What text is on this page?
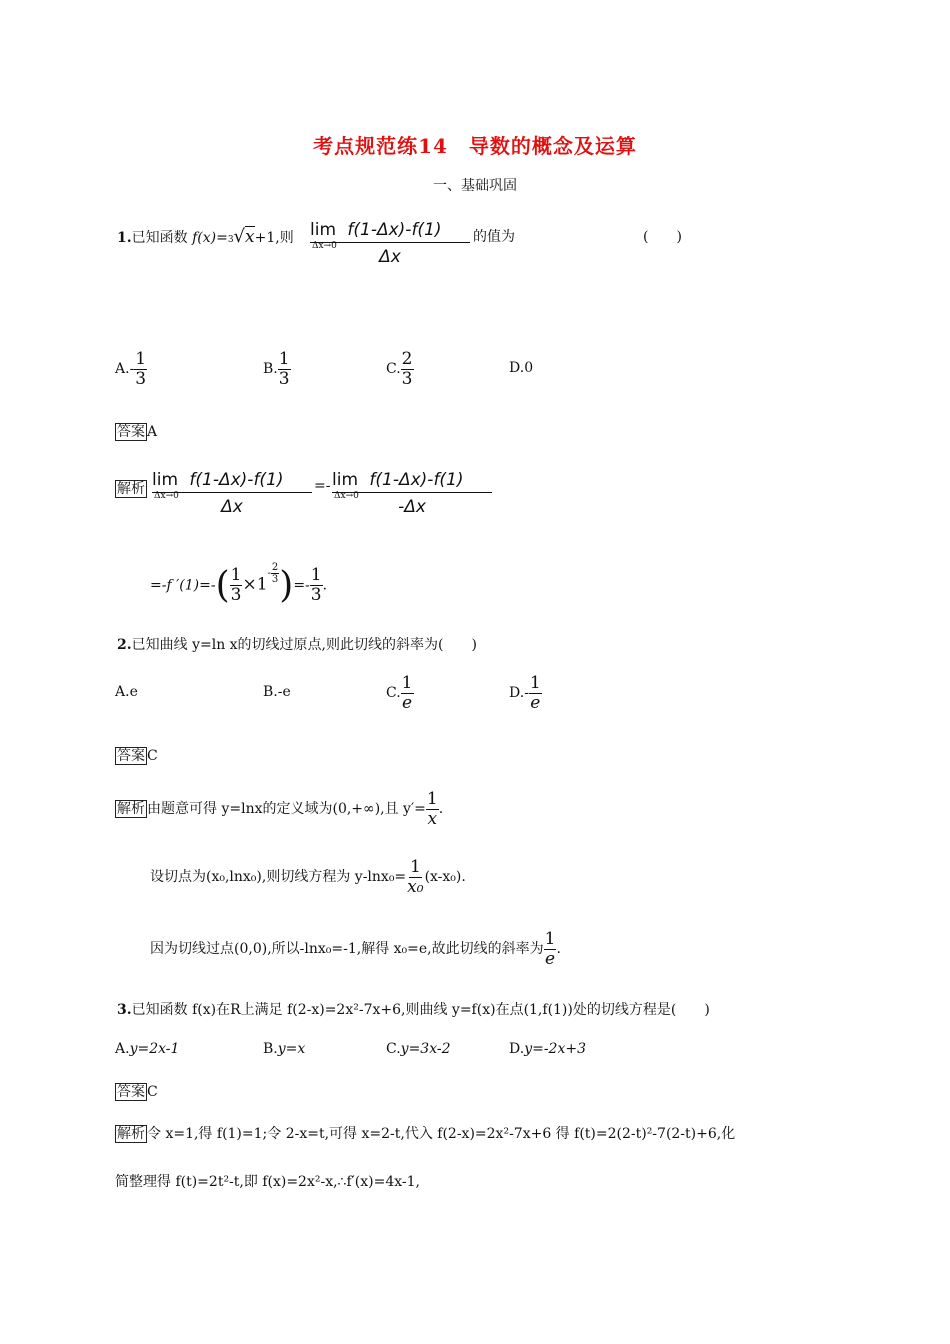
考点规范练14　导数的概念及运算
一、基础巩固
1.已知函数 f(x)=$^3$√x+1,则 lim f(1-Δx)-f(1)
Δx→0
Δx
的值为	(　　)
$A.- \frac{1}{3}$	B. $\frac{1}{3}$	C. $\frac{2}{3}$	D.0
答案 A
解析 lim f(1-Δx)-f(1)
Δx→0
Δx
=- lim f(1-Δx)-f(1)
Δx→0
-Δx
=-f $'(1)=-( \frac{1}{3} \times 1^{- \frac{2}{3}}$ )=- $\frac{1}{3}$ .
2.已知曲线 y=ln x的切线过原点,则此切线的斜率为(　　)
A.e	B.-e	C. $\frac{1}{e}$	$D.- \frac{1}{e}$
答案 C
解析 由题意可得 y=lnx的定义域为(0,+∞),且 $y'= \frac{1}{x}$ .
设切点为(x₀,lnx₀),则切线方程为 $y-\ln x_0= \frac{1}{\text{x₀}} (x-x_0)$.
因为切线过点(0,0),所以-lnx₀=-1,解得 x₀=e,故此切线的斜率为 $\frac{1}{e}$ .
3.已知函数 f(x)在R上满足 f(2-x)=2x²-7x+6,则曲线 y=f(x)在点(1,f(1))处的切线方程是(　　)
A.y=2x-1	B.y=x	C.y=3x-2	D.y=-2x+3
答案 C
解析 令 x=1,得 f(1)=1;令 2-x=t,可得 x=2-t,代入 f(2-x)=2x²-7x+6 得 f(t)=2(2-t)²-7(2-t)+6,化
简整理得 f(t)=2t²-t,即 f(x)=2x²-x,∴f′(x)=4x-1,
